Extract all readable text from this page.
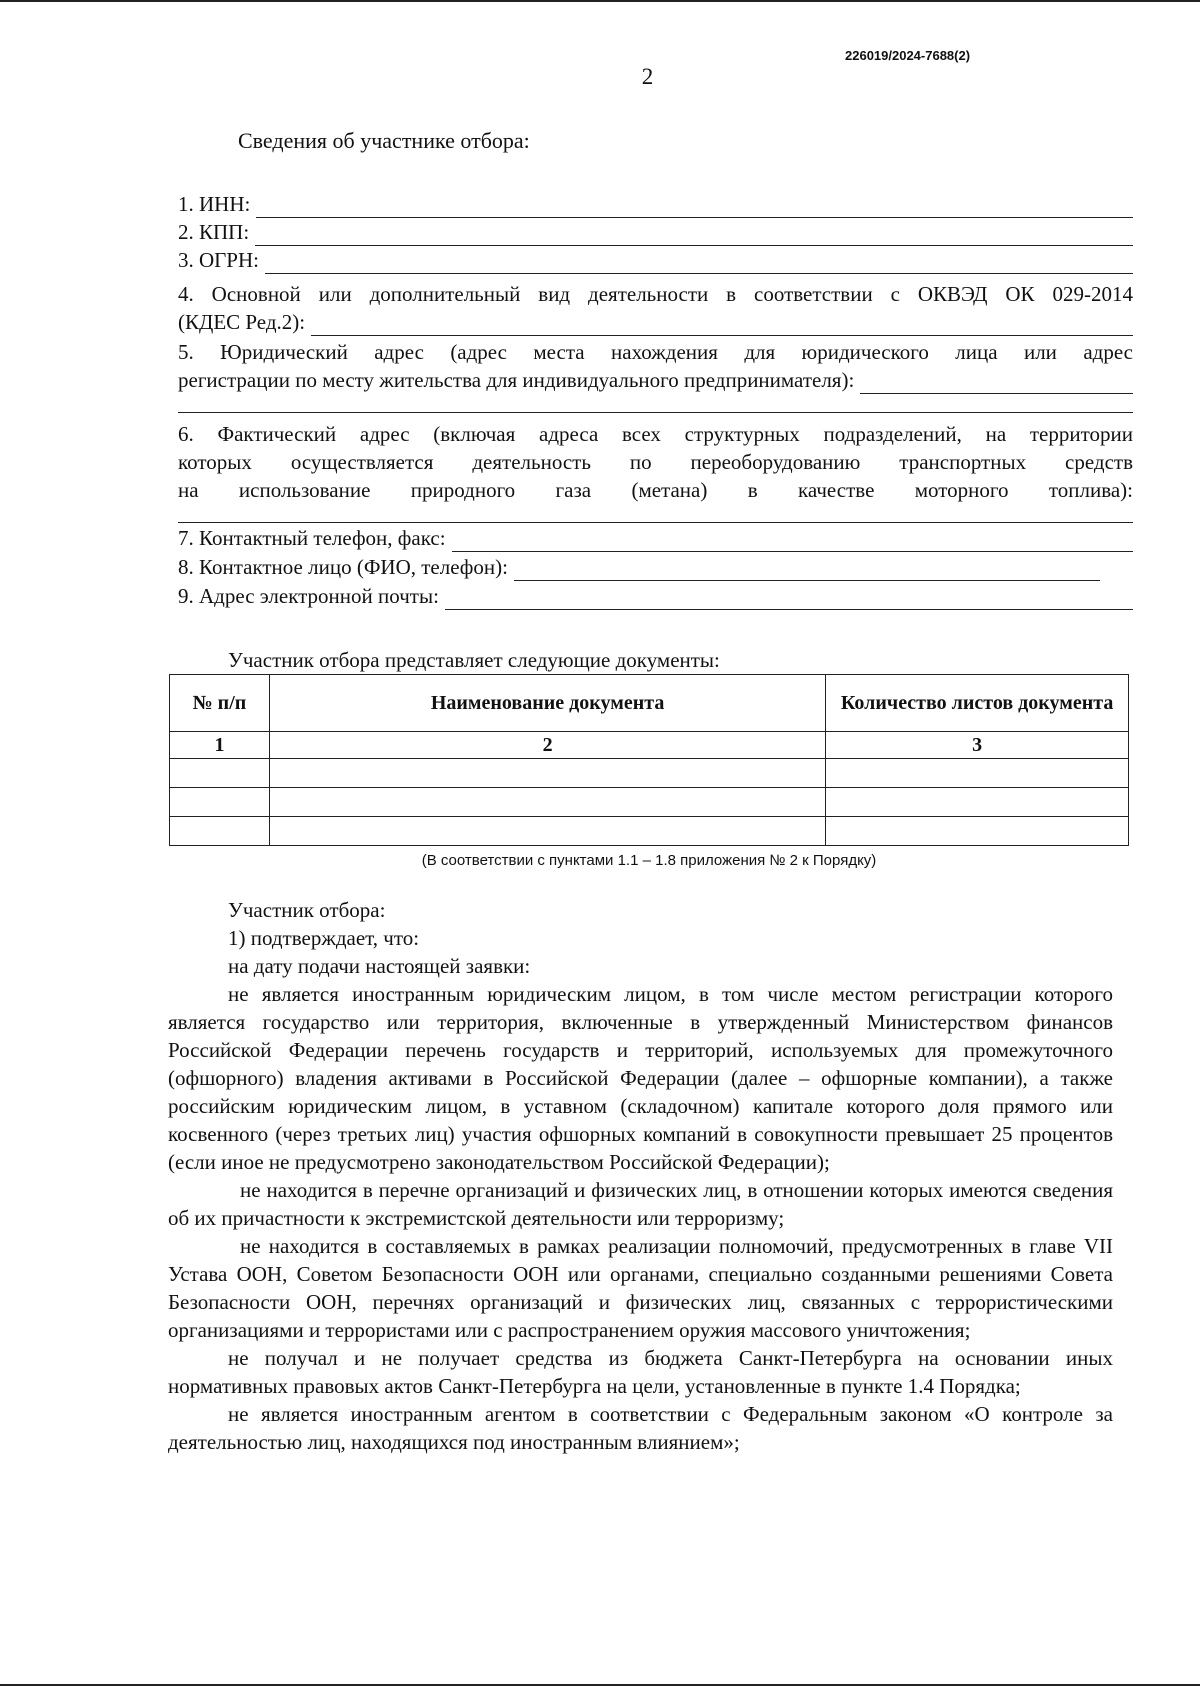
226019/2024-7688(2)
2
Сведения об участнике отбора:
1. ИНН:
2. КПП:
3. ОГРН:
4. Основной или дополнительный вид деятельности в соответствии с ОКВЭД ОК 029-2014
(КДЕС Ред.2):
5. Юридический адрес (адрес места нахождения для юридического лица или адрес
регистрации по месту жительства для индивидуального предпринимателя):
6. Фактический адрес (включая адреса всех структурных подразделений, на территории
которых осуществляется деятельность по переоборудованию транспортных средств
на использование природного газа (метана) в качестве моторного топлива):
7. Контактный телефон, факс:
8. Контактное лицо (ФИО, телефон):
9. Адрес электронной почты:
Участник отбора представляет следующие документы:
№ п/п	Наименование документа	Количество листов документа
1	2	3

(В соответствии с пунктами 1.1 – 1.8 приложения № 2 к Порядку)

Участник отбора:

1) подтверждает, что:

на дату подачи настоящей заявки:

не является иностранным юридическим лицом, в том числе местом регистрации которого является государство или территория, включенные в утвержденный Министерством финансов Российской Федерации перечень государств и территорий, используемых для промежуточного (офшорного) владения активами в Российской Федерации (далее – офшорные компании), а также российским юридическим лицом, в уставном (складочном) капитале которого доля прямого или косвенного (через третьих лиц) участия офшорных компаний в совокупности превышает 25 процентов (если иное не предусмотрено законодательством Российской Федерации);

не находится в перечне организаций и физических лиц, в отношении которых имеются сведения об их причастности к экстремистской деятельности или терроризму;

не находится в составляемых в рамках реализации полномочий, предусмотренных в главе VII Устава ООН, Советом Безопасности ООН или органами, специально созданными решениями Совета Безопасности ООН, перечнях организаций и физических лиц, связанных с террористическими организациями и террористами или с распространением оружия массового уничтожения;

не получал и не получает средства из бюджета Санкт-Петербурга на основании иных нормативных правовых актов Санкт-Петербурга на цели, установленные в пункте 1.4 Порядка;

не является иностранным агентом в соответствии с Федеральным законом «О контроле за деятельностью лиц, находящихся под иностранным влиянием»;
